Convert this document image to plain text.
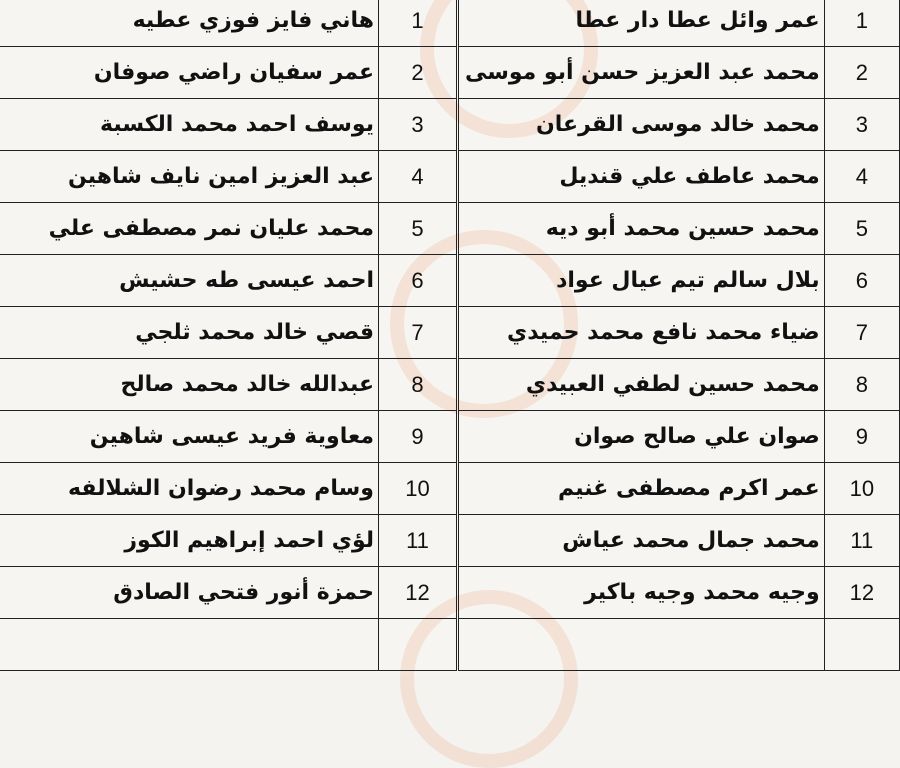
هاني فايز فوزي عطيه	1
عمر سفيان راضي صوفان	2
يوسف احمد محمد الكسبة	3
عبد العزيز امين نايف شاهين	4
محمد عليان نمر مصطفى علي	5
احمد عيسى طه حشيش	6
قصي خالد محمد ثلجي	7
عبدالله خالد محمد صالح	8
معاوية فريد عيسى شاهين	9
وسام محمد رضوان الشلالفه	10
لؤي احمد إبراهيم الكوز	11
حمزة أنور فتحي الصادق	12

عمر وائل عطا دار عطا	1
محمد عبد العزيز حسن أبو موسى	2
محمد خالد موسى القرعان	3
محمد عاطف علي قنديل	4
محمد حسين محمد أبو ديه	5
بلال سالم تيم عيال عواد	6
ضياء محمد نافع محمد حميدي	7
محمد حسين لطفي العبيدي	8
صوان علي صالح صوان	9
عمر اكرم مصطفى غنيم	10
محمد جمال محمد عياش	11
وجيه محمد وجيه باكير	12
